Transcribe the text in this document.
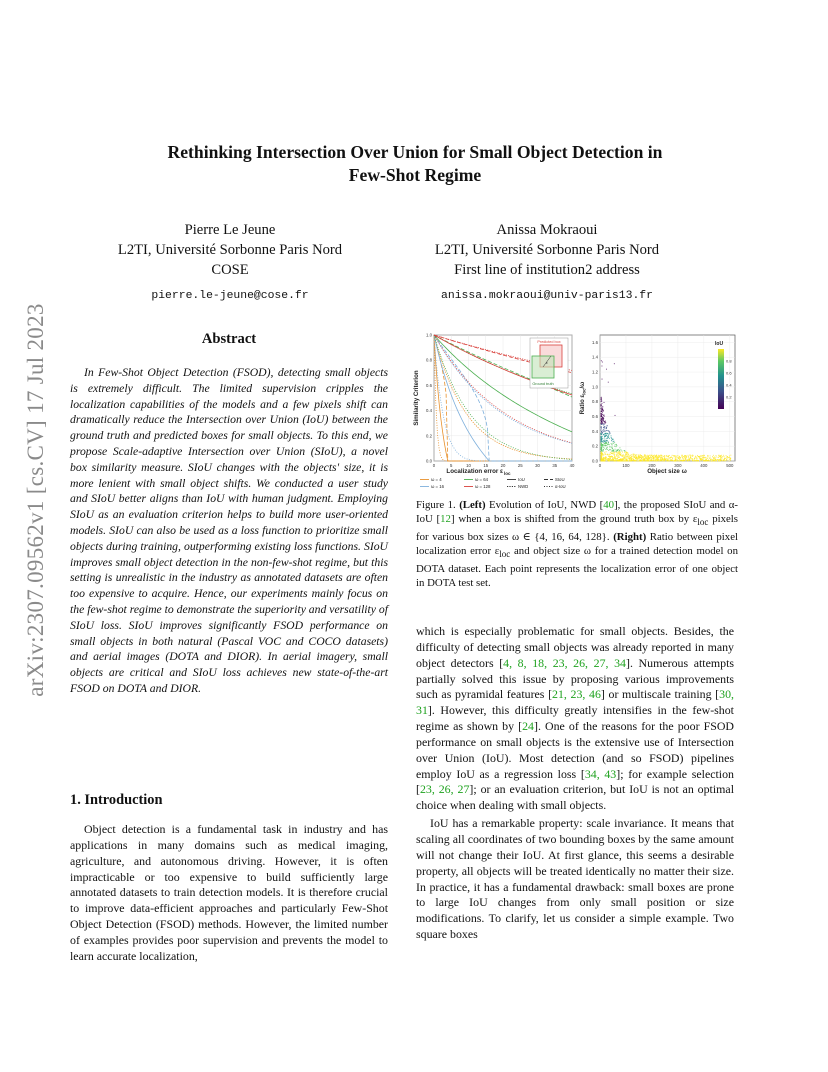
arXiv:2307.09562v1 [cs.CV] 17 Jul 2023
Rethinking Intersection Over Union for Small Object Detection in
Few-Shot Regime
Pierre Le Jeune
L2TI, Université Sorbonne Paris Nord
COSE
pierre.le-jeune@cose.fr
Anissa Mokraoui
L2TI, Université Sorbonne Paris Nord
First line of institution2 address
anissa.mokraoui@univ-paris13.fr
Abstract
In Few-Shot Object Detection (FSOD), detecting small objects is extremely difficult. The limited supervision cripples the localization capabilities of the models and a few pixels shift can dramatically reduce the Intersection over Union (IoU) between the ground truth and predicted boxes for small objects. To this end, we propose Scale-adaptive Intersection over Union (SIoU), a novel box similarity measure. SIoU changes with the objects' size, it is more lenient with small object shifts. We conducted a user study and SIoU better aligns than IoU with human judgment. Employing SIoU as an evaluation criterion helps to build more user-oriented models. SIoU can also be used as a loss function to prioritize small objects during training, outperforming existing loss functions. SIoU improves small object detection in the non-few-shot regime, but this setting is unrealistic in the industry as annotated datasets are often too expensive to acquire. Hence, our experiments mainly focus on the few-shot regime to demonstrate the superiority and versatility of SIoU loss. SIoU improves significantly FSOD performance on small objects in both natural (Pascal VOC and COCO datasets) and aerial images (DOTA and DIOR). In aerial imagery, small objects are critical and SIoU loss achieves new state-of-the-art FSOD on DOTA and DIOR.
1. Introduction

Object detection is a fundamental task in industry and has applications in many domains such as medical imaging, agriculture, and autonomous driving. However, it is often impracticable or too expensive to build sufficiently large annotated datasets to train detection models. It is therefore crucial to improve data-efficient approaches and particularly Few-Shot Object Detection (FSOD) methods. However, the limited number of examples provides poor supervision and prevents the model to learn accurate localization,

0.0
0.2
0.4
0.6
0.8
1.0
0	5	10	15	20	25	30	35	40
Similarity Criterion
Localization error ε loc
Predicted box
Ground truth
ε
ω = 4
ω = 16
ω = 64
ω = 128
IoU
NWD
SIoU
α-IoU
0.0
0.2
0.4
0.6
0.8
1.0
1.2
1.4
1.6
0	100	200	300	400	500
Ratio $\varepsilon_{loc}/\omega$
Object size ω
IoU
0.2
0.4
0.6
0.8
Figure 1. (Left) Evolution of IoU, NWD [40], the proposed SIoU and α-IoU [12] when a box is shifted from the ground truth box by $\varepsilon_{loc}$ pixels for various box sizes ω ∈ {4, 16, 64, 128}. (Right) Ratio between pixel localization error $\varepsilon_{loc}$ and object size ω for a trained detection model on DOTA dataset. Each point represents the localization error of one object in DOTA test set.

which is especially problematic for small objects. Besides, the difficulty of detecting small objects was already reported in many object detectors [4, 8, 18, 23, 26, 27, 34]. Numerous attempts partially solved this issue by proposing various improvements such as pyramidal features [21, 23, 46] or multiscale training [30, 31]. However, this difficulty greatly intensifies in the few-shot regime as shown by [24]. One of the reasons for the poor FSOD performance on small objects is the extensive use of Intersection over Union (IoU). Most detection (and so FSOD) pipelines employ IoU as a regression loss [34, 43]; for example selection [23, 26, 27]; or an evaluation criterion, but IoU is not an optimal choice when dealing with small objects.

IoU has a remarkable property: scale invariance. It means that scaling all coordinates of two bounding boxes by the same amount will not change their IoU. At first glance, this seems a desirable property, all objects will be treated identically no matter their size. In practice, it has a fundamental drawback: small boxes are prone to large IoU changes from only small position or size modifications. To clarify, let us consider a simple example. Two square boxes
